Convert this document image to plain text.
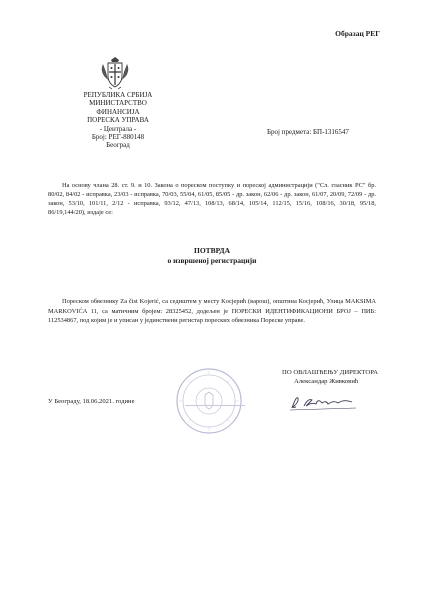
Образац РЕГ
РЕПУБЛИКА СРБИЈА
МИНИСТАРСТВО ФИНАНСИЈА
ПОРЕСКА УПРАВА
- Централа -
Број: РЕГ-880148
Београд
Број предмета: БП-1316547
На основу члана 28. ст. 9. и 10. Закона о пореском поступку и пореској администрацији ("Сл. гласник РС" бр. 80/02, 84/02 - исправка, 23/03 - исправка, 70/03, 55/04, 61/05, 85/05 - др. закон, 62/06 - др. закон, 61/07, 20/09, 72/09 - др. закон, 53/10, 101/11, 2/12 - исправка, 93/12, 47/13, 108/13, 68/14, 105/14, 112/15, 15/16, 108/16, 30/18, 95/18, 86/19,144/20), издаје се:
ПОТВРДА
о извршеној регистрацији
Пореском обвезнику Za čist Kojerić, са седиштем у месту Kocјерић (варош), општина Косјерић, Улица MAKSIMA MARKOVIĆA 11, са матичним бројем: 28325452, додељен је ПОРЕСКИ ИДЕНТИФИКАЦИОНИ БРОЈ – ПИБ: 112534867, под којим је и уписан у јединствени регистар пореских обвезника Пореске управе.
У Београду, 18.06.2021. године
ПО ОВЛАШЋЕЊУ ДИРЕКТОРА
Александар Живковић
